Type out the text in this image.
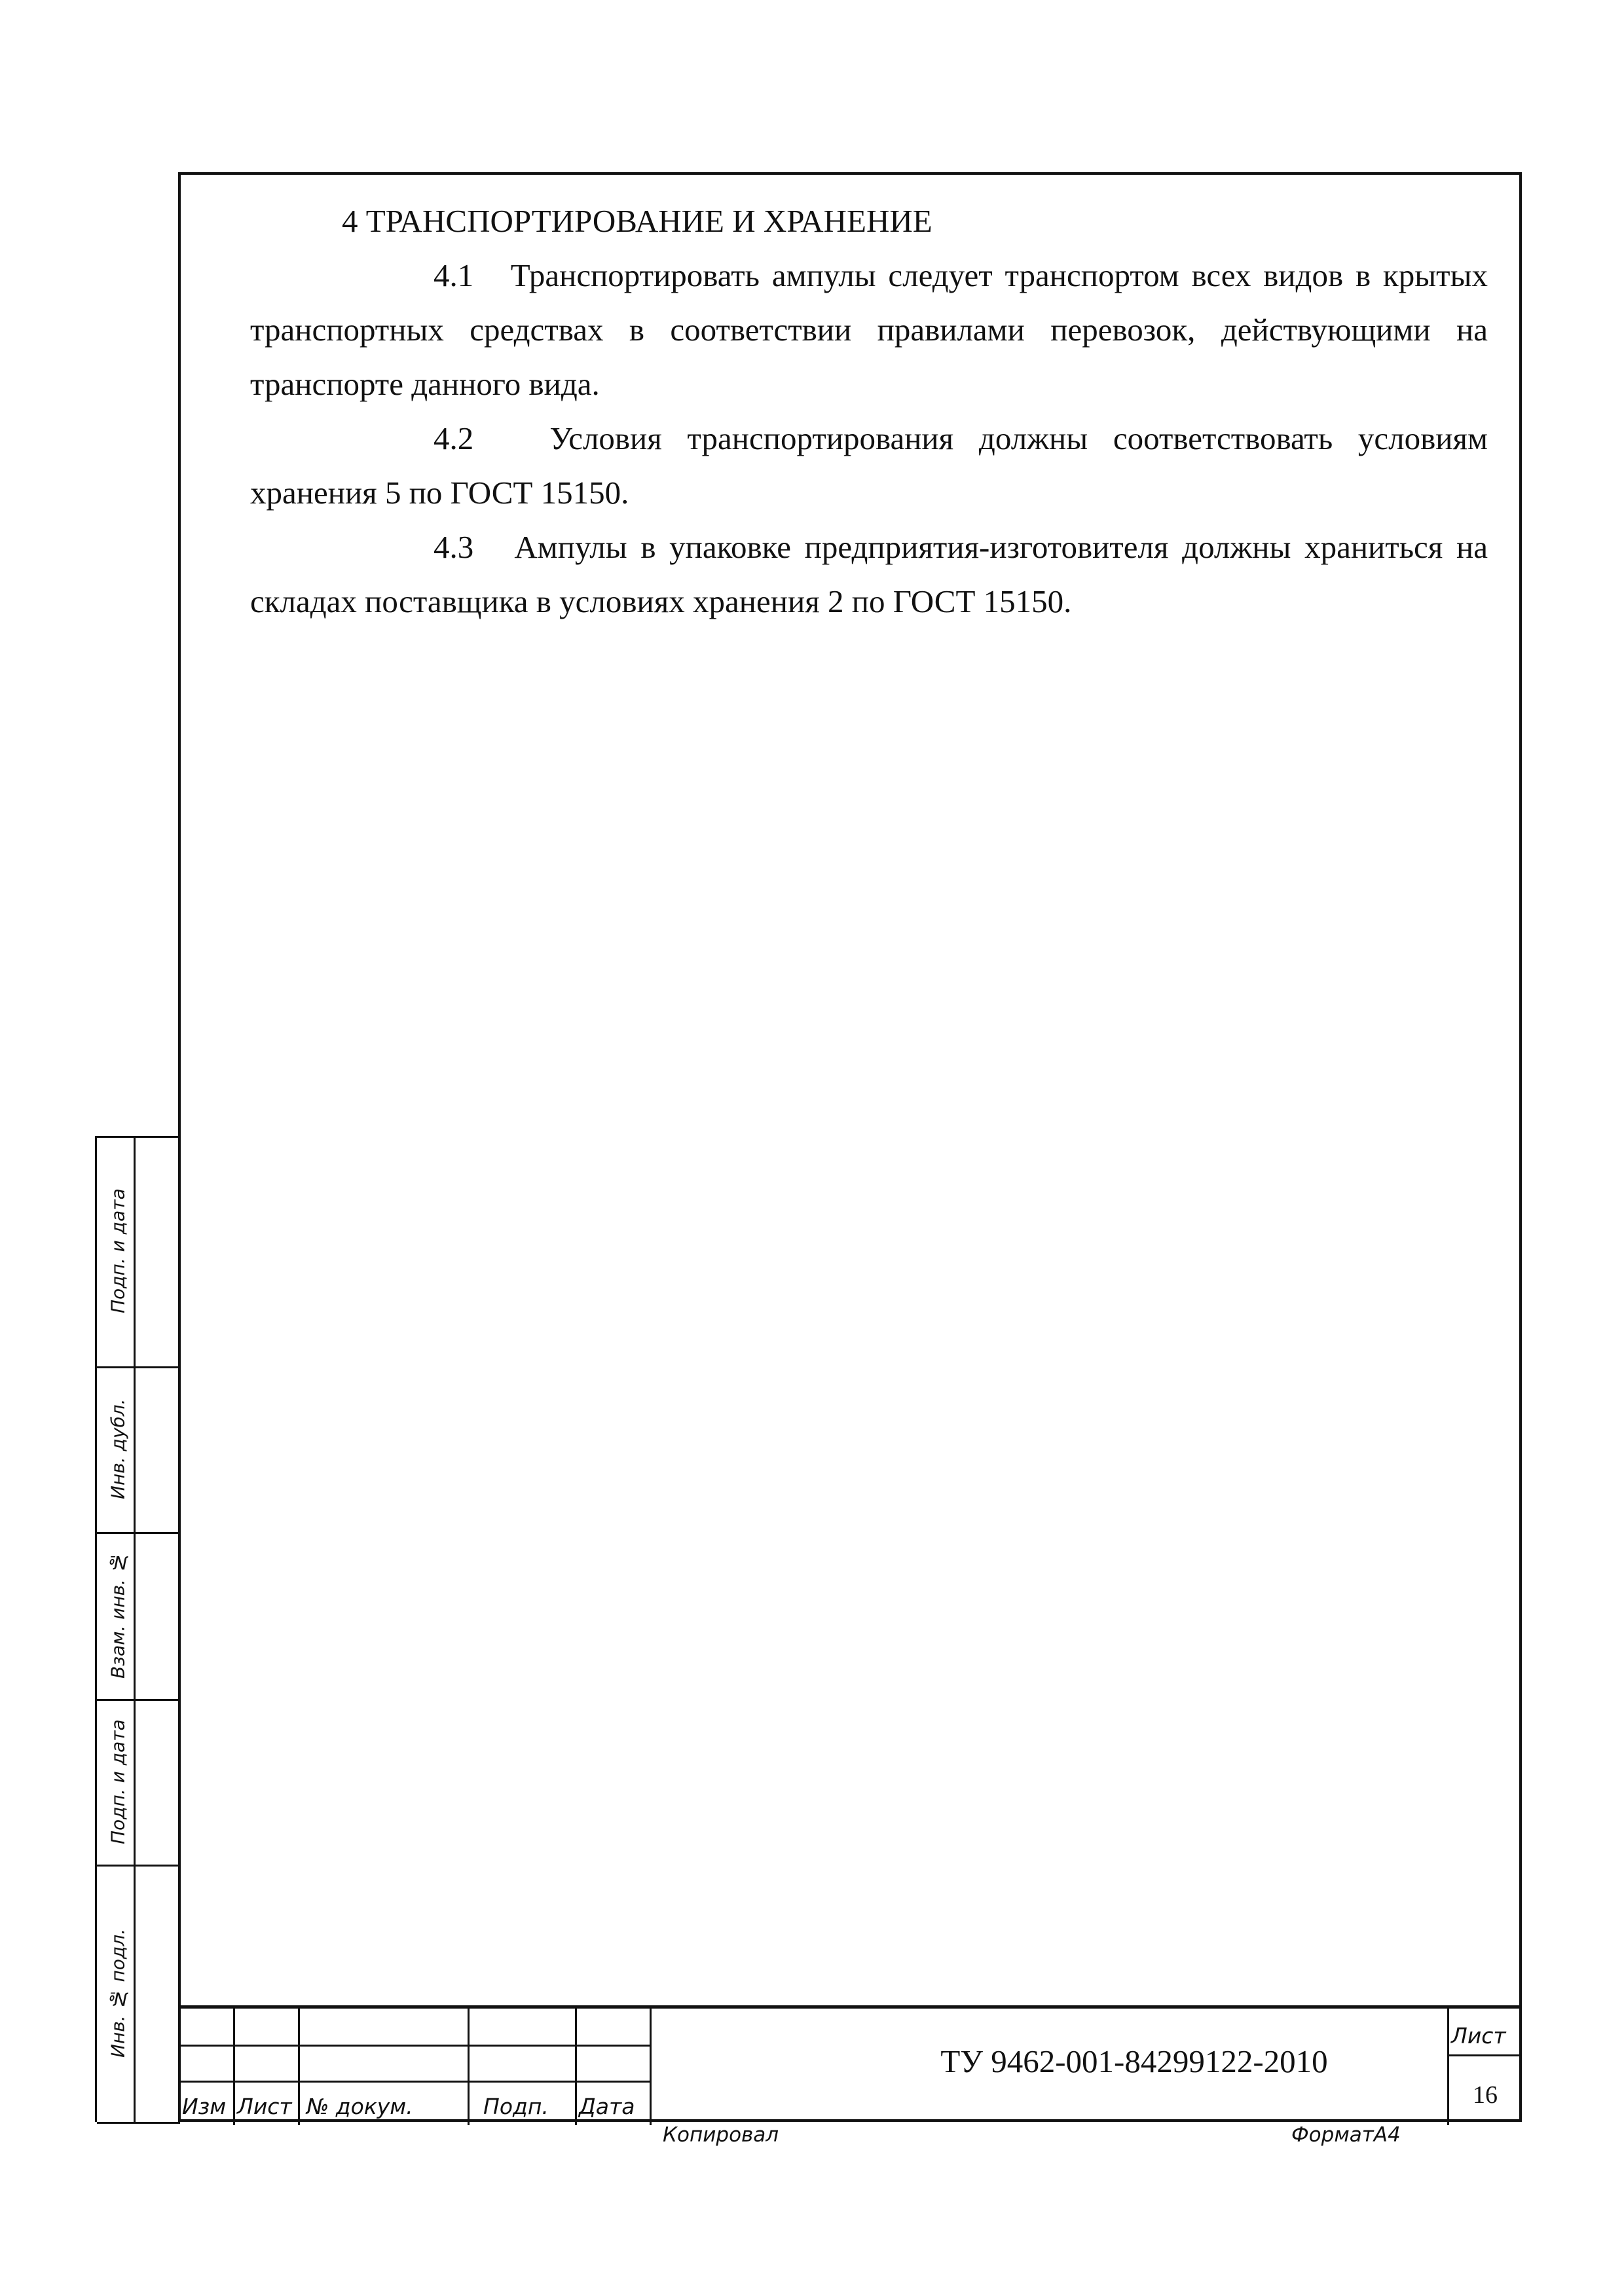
4 ТРАНСПОРТИРОВАНИЕ И ХРАНЕНИЕ

4.1 Транспортировать ампулы следует транспортом всех видов в крытых транспортных средствах в соответствии правилами перевозок, действующими на транспорте данного вида.

4.2 Условия транспортирования должны соответствовать условиям хранения 5 по ГОСТ 15150.

4.3 Ампулы в упаковке предприятия-изготовителя должны храниться на складах поставщика в условиях хранения 2 по ГОСТ 15150.

Подп. и дата
Инв. дубл.
Взам. инв. №
Подп. и дата
Инв. № подл.
ТУ 9462-001-84299122-2010
Лист
16
Изм Лист № докум.	Подп. Дата
Копировал	ФорматА4
